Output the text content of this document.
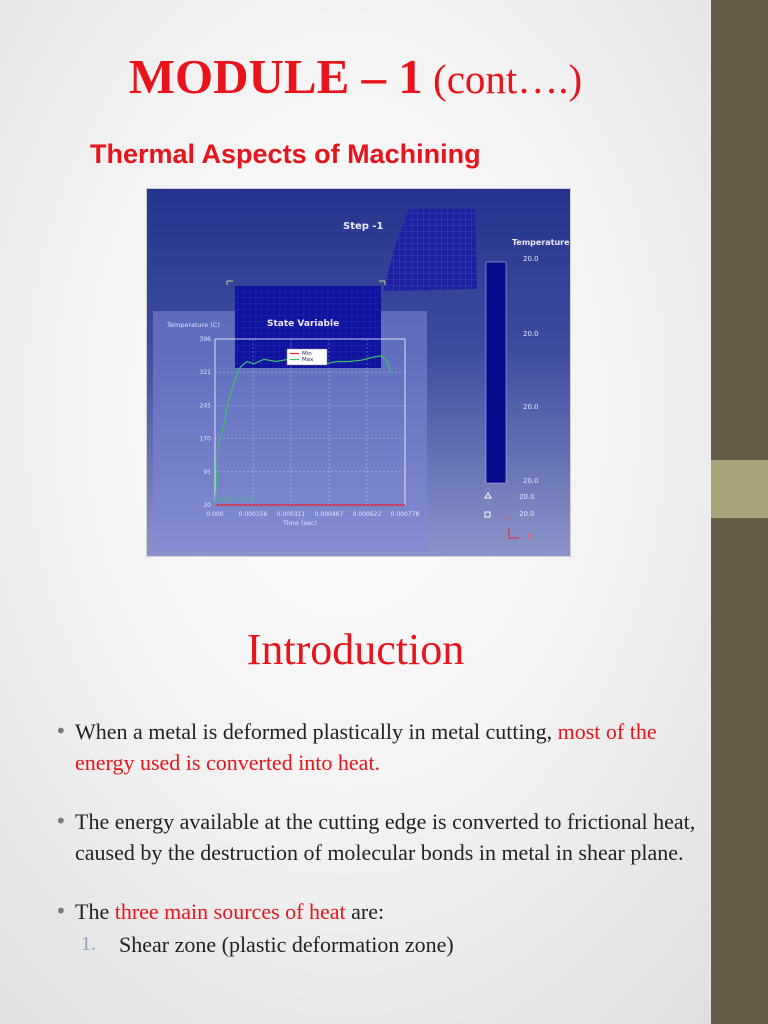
MODULE – 1 (cont….)
Thermal Aspects of Machining
Step -1
State Variable
Temperature
20.0
20.0
20.0
20.0
20.0
20.0
Y
X
396
321
245
170
95
20
0.000	0.000156 0.000311 0.000467 0.000622 0.000778
Temperature (C)
Time (sec)
Min
Max
(0.000, 20.0)
Introduction
• When a metal is deformed plastically in metal cutting, most of the energy used is converted into heat.
• The energy available at the cutting edge is converted to frictional heat, caused by the destruction of molecular bonds in metal in shear plane.
• The three main sources of heat are:
1. Shear zone (plastic deformation zone)
